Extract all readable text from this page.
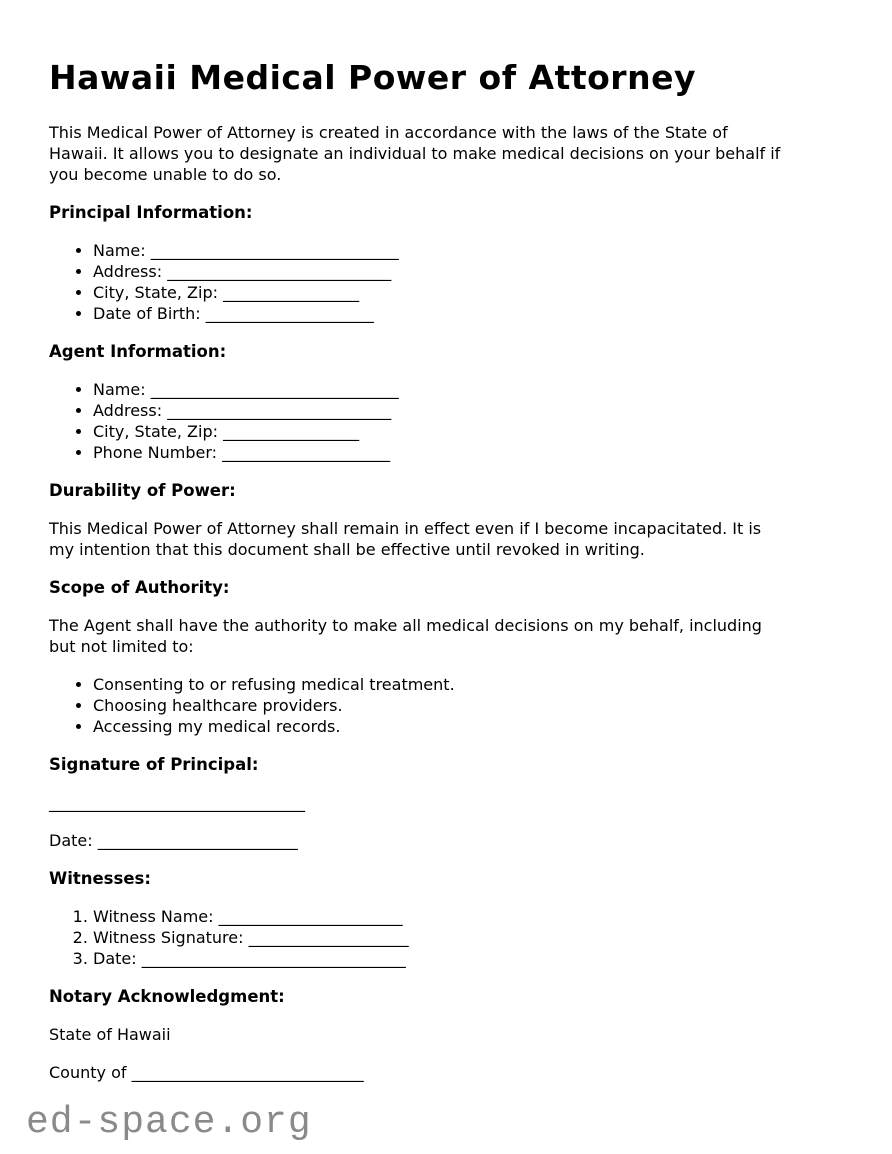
Hawaii Medical Power of Attorney
This Medical Power of Attorney is created in accordance with the laws of the State of
Hawaii. It allows you to designate an individual to make medical decisions on your behalf if
you become unable to do so.
Principal Information:
• Name: _______________________________
• Address: ____________________________
• City, State, Zip: _________________
• Date of Birth: _____________________
Agent Information:
• Name: _______________________________
• Address: ____________________________
• City, State, Zip: _________________
• Phone Number: _____________________
Durability of Power:
This Medical Power of Attorney shall remain in effect even if I become incapacitated. It is
my intention that this document shall be effective until revoked in writing.
Scope of Authority:
The Agent shall have the authority to make all medical decisions on my behalf, including
but not limited to:
• Consenting to or refusing medical treatment.
• Choosing healthcare providers.
• Accessing my medical records.
Signature of Principal:
________________________________
Date: _________________________
Witnesses:
1. Witness Name: _______________________
2. Witness Signature: ____________________
3. Date: _________________________________
Notary Acknowledgment:
State of Hawaii
County of _____________________________
ed-space.org
